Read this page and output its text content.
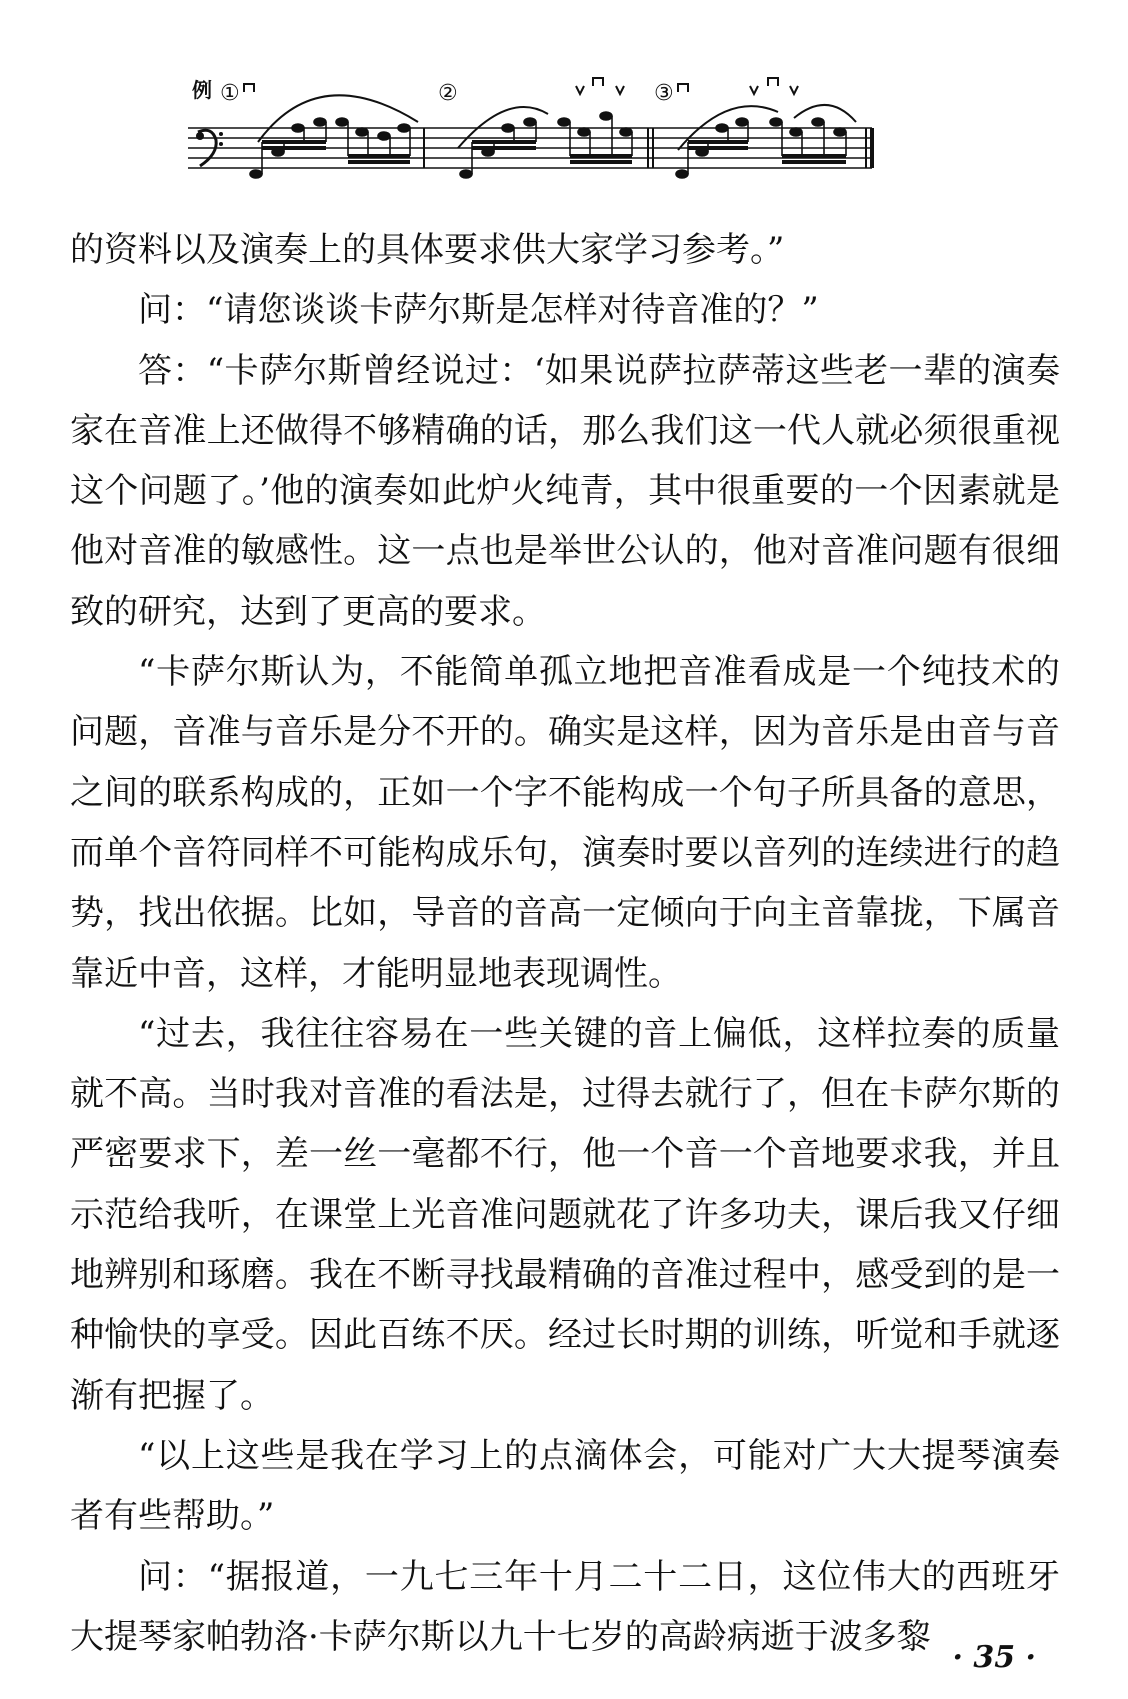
例 ①	②	③

的资料以及演奏上的具体要求供大家学习参考。”

问：“请您谈谈卡萨尔斯是怎样对待音准的？”

答：“卡萨尔斯曾经说过：‘如果说萨拉萨蒂这些老一辈的演奏家在音准上还做得不够精确的话，那么我们这一代人就必须很重视这个问题了。’他的演奏如此炉火纯青，其中很重要的一个因素就是他对音准的敏感性。这一点也是举世公认的，他对音准问题有很细致的研究，达到了更高的要求。

“卡萨尔斯认为，不能简单孤立地把音准看成是一个纯技术的问题，音准与音乐是分不开的。确实是这样，因为音乐是由音与音之间的联系构成的，正如一个字不能构成一个句子所具备的意思，而单个音符同样不可能构成乐句，演奏时要以音列的连续进行的趋势，找出依据。比如，导音的音高一定倾向于向主音靠拢，下属音靠近中音，这样，才能明显地表现调性。

“过去，我往往容易在一些关键的音上偏低，这样拉奏的质量就不高。当时我对音准的看法是，过得去就行了，但在卡萨尔斯的严密要求下，差一丝一毫都不行，他一个音一个音地要求我，并且示范给我听，在课堂上光音准问题就花了许多功夫，课后我又仔细地辨别和琢磨。我在不断寻找最精确的音准过程中，感受到的是一种愉快的享受。因此百练不厌。经过长时期的训练，听觉和手就逐渐有把握了。

“以上这些是我在学习上的点滴体会，可能对广大大提琴演奏者有些帮助。”

问：“据报道，一九七三年十月二十二日，这位伟大的西班牙大提琴家帕勃洛·卡萨尔斯以九十七岁的高龄病逝于波多黎

· 35 ·
